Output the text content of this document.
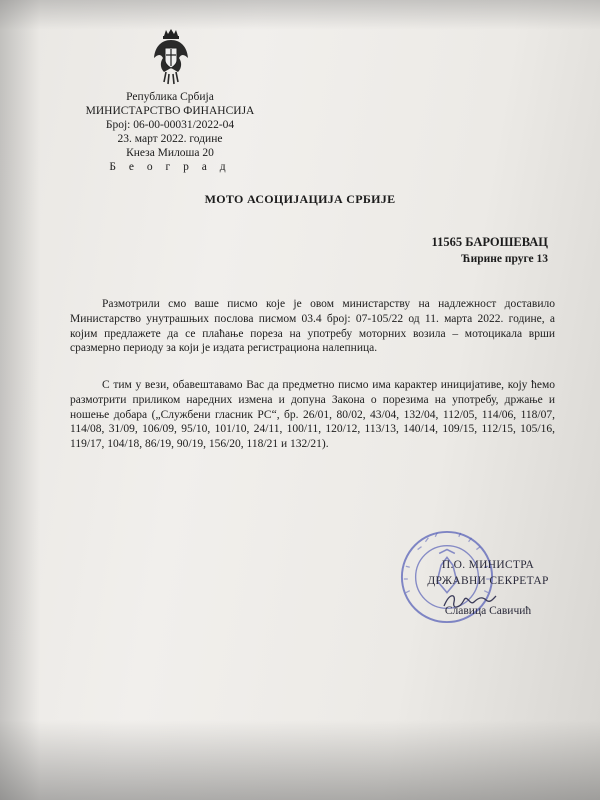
Република Србија
МИНИСТАРСТВО ФИНАНСИЈА
Број: 06-00-00031/2022-04
23. март 2022. године
Кнеза Милоша 20
Б е о г р а д
МОТО АСОЦИЈАЦИЈА СРБИЈЕ
11565 БАРОШЕВАЦ
Ћирине пруге 13
Размотрили смо ваше писмо које је овом министарству на надлежност доставило Министарство унутрашњих послова писмом 03.4 број: 07-105/22 од 11. марта 2022. године, а којим предлажете да се плаћање пореза на употребу моторних возила – мотоцикала врши сразмерно периоду за који је издата регистрациона налепница.
С тим у вези, обавештавамо Вас да предметно писмо има карактер иницијативе, коју ћемо размотрити приликом наредних измена и допуна Закона о порезима на употребу, држање и ношење добара („Службени гласник РС“, бр. 26/01, 80/02, 43/04, 132/04, 112/05, 114/06, 118/07, 114/08, 31/09, 106/09, 95/10, 101/10, 24/11, 100/11, 120/12, 113/13, 140/14, 109/15, 112/15, 105/16, 119/17, 104/18, 86/19, 90/19, 156/20, 118/21 и 132/21).
П.О. МИНИСТРА
ДРЖАВНИ СЕКРЕТАР
Славица Савичић
